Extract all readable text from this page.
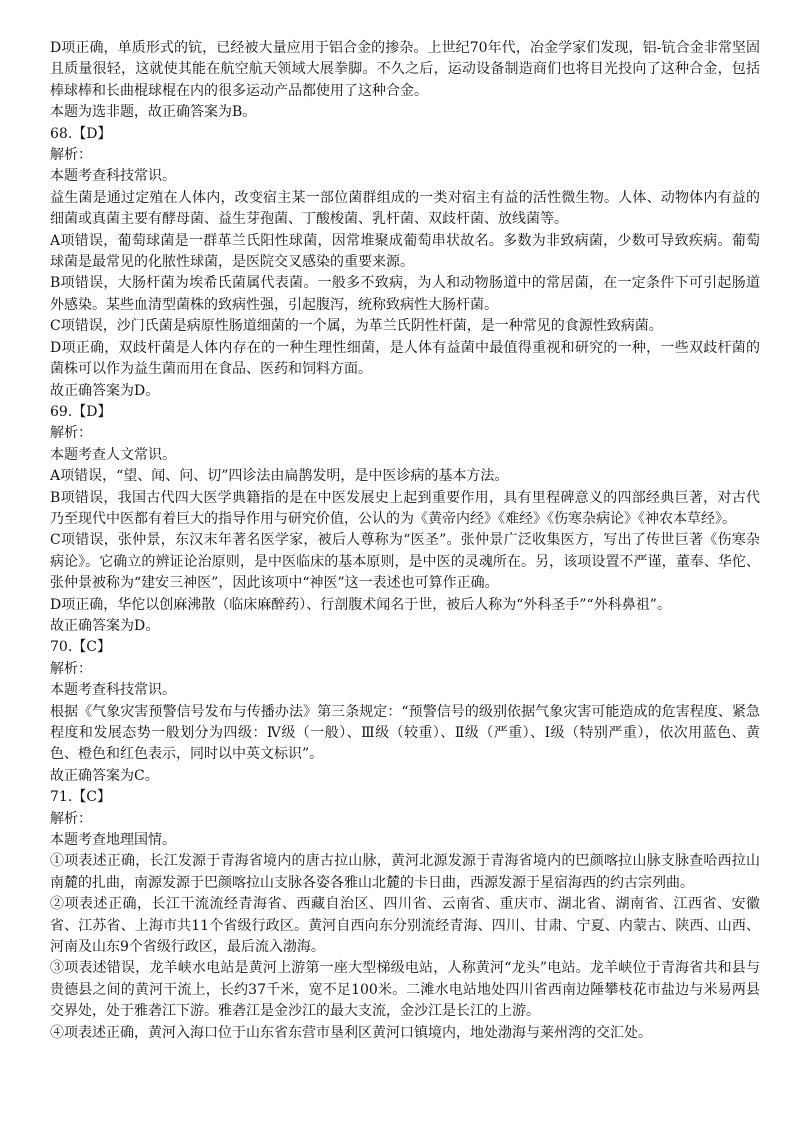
D项正确，单质形式的钪，已经被大量应用于铝合金的掺杂。上世纪70年代，冶金学家们发现，铝-钪合金非常坚固且质量很轻，这就使其能在航空航天领域大展拳脚。不久之后，运动设备制造商们也将目光投向了这种合金，包括棒球棒和长曲棍球棍在内的很多运动产品都使用了这种合金。

本题为选非题，故正确答案为B。

68.【D】

解析：

本题考查科技常识。

益生菌是通过定殖在人体内，改变宿主某一部位菌群组成的一类对宿主有益的活性微生物。人体、动物体内有益的细菌或真菌主要有酵母菌、益生芽孢菌、丁酸梭菌、乳杆菌、双歧杆菌、放线菌等。

A项错误，葡萄球菌是一群革兰氏阳性球菌，因常堆聚成葡萄串状故名。多数为非致病菌，少数可导致疾病。葡萄球菌是最常见的化脓性球菌，是医院交叉感染的重要来源。

B项错误，大肠杆菌为埃希氏菌属代表菌。一般多不致病，为人和动物肠道中的常居菌，在一定条件下可引起肠道外感染。某些血清型菌株的致病性强，引起腹泻，统称致病性大肠杆菌。

C项错误，沙门氏菌是病原性肠道细菌的一个属，为革兰氏阴性杆菌，是一种常见的食源性致病菌。

D项正确，双歧杆菌是人体内存在的一种生理性细菌，是人体有益菌中最值得重视和研究的一种，一些双歧杆菌的菌株可以作为益生菌而用在食品、医药和饲料方面。

故正确答案为D。

69.【D】

解析：

本题考查人文常识。

A项错误，“望、闻、问、切”四诊法由扁鹊发明，是中医诊病的基本方法。

B项错误，我国古代四大医学典籍指的是在中医发展史上起到重要作用，具有里程碑意义的四部经典巨著，对古代乃至现代中医都有着巨大的指导作用与研究价值，公认的为《黄帝内经》《难经》《伤寒杂病论》《神农本草经》。

C项错误，张仲景，东汉末年著名医学家，被后人尊称为“医圣”。张仲景广泛收集医方，写出了传世巨著《伤寒杂病论》。它确立的辨证论治原则，是中医临床的基本原则，是中医的灵魂所在。另，该项设置不严谨，董奉、华佗、张仲景被称为“建安三神医”，因此该项中“神医”这一表述也可算作正确。

D项正确，华佗以创麻沸散（临床麻醉药）、行剖腹术闻名于世，被后人称为“外科圣手”“外科鼻祖”。

故正确答案为D。

70.【C】

解析：

本题考查科技常识。

根据《气象灾害预警信号发布与传播办法》第三条规定：“预警信号的级别依据气象灾害可能造成的危害程度、紧急程度和发展态势一般划分为四级：Ⅳ级（一般）、Ⅲ级（较重）、Ⅱ级（严重）、Ⅰ级（特别严重），依次用蓝色、黄色、橙色和红色表示，同时以中英文标识”。

故正确答案为C。

71.【C】

解析：

本题考查地理国情。

①项表述正确，长江发源于青海省境内的唐古拉山脉，黄河北源发源于青海省境内的巴颜喀拉山脉支脉查哈西拉山南麓的扎曲，南源发源于巴颜喀拉山支脉各姿各雅山北麓的卡日曲，西源发源于星宿海西的约古宗列曲。

②项表述正确，长江干流流经青海省、西藏自治区、四川省、云南省、重庆市、湖北省、湖南省、江西省、安徽省、江苏省、上海市共11个省级行政区。黄河自西向东分别流经青海、四川、甘肃、宁夏、内蒙古、陕西、山西、河南及山东9个省级行政区，最后流入渤海。

③项表述错误，龙羊峡水电站是黄河上游第一座大型梯级电站，人称黄河“龙头”电站。龙羊峡位于青海省共和县与贵德县之间的黄河干流上，长约37千米，宽不足100米。二滩水电站地处四川省西南边陲攀枝花市盐边与米易两县交界处，处于雅砻江下游。雅砻江是金沙江的最大支流，金沙江是长江的上游。

④项表述正确，黄河入海口位于山东省东营市垦利区黄河口镇境内，地处渤海与莱州湾的交汇处。
